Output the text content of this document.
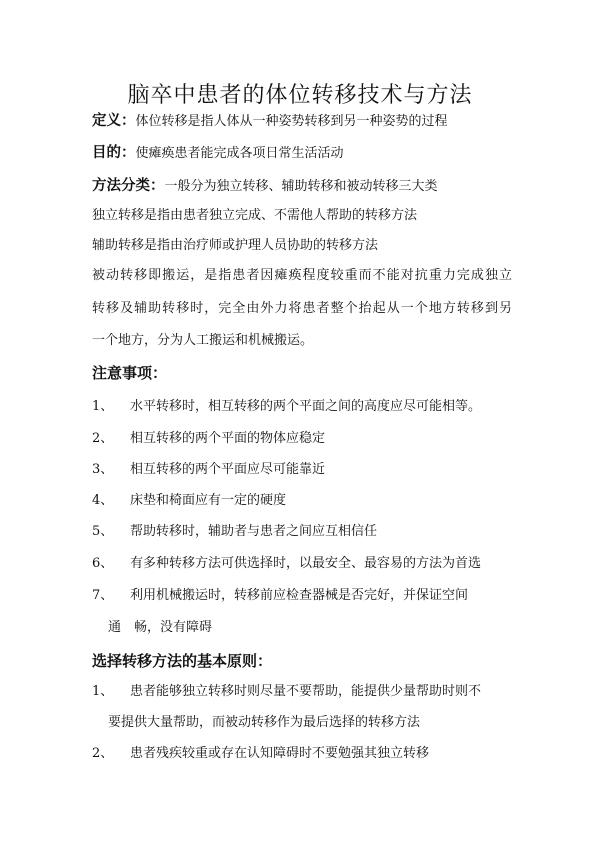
脑卒中患者的体位转移技术与方法
定义：体位转移是指人体从一种姿势转移到另一种姿势的过程
目的：使瘫痪患者能完成各项日常生活活动
方法分类：一般分为独立转移、辅助转移和被动转移三大类
独立转移是指由患者独立完成、不需他人帮助的转移方法
辅助转移是指由治疗师或护理人员协助的转移方法
被动转移即搬运，是指患者因瘫痪程度较重而不能对抗重力完成独立
转移及辅助转移时，完全由外力将患者整个抬起从一个地方转移到另
一个地方，分为人工搬运和机械搬运。
注意事项：
1、 水平转移时，相互转移的两个平面之间的高度应尽可能相等。
2、 相互转移的两个平面的物体应稳定
3、 相互转移的两个平面应尽可能靠近
4、 床垫和椅面应有一定的硬度
5、 帮助转移时，辅助者与患者之间应互相信任
6、 有多种转移方法可供选择时，以最安全、最容易的方法为首选
7、 利用机械搬运时，转移前应检查器械是否完好，并保证空间
通　畅，没有障碍
选择转移方法的基本原则：
1、 患者能够独立转移时则尽量不要帮助，能提供少量帮助时则不
要提供大量帮助，而被动转移作为最后选择的转移方法
2、 患者残疾较重或存在认知障碍时不要勉强其独立转移
